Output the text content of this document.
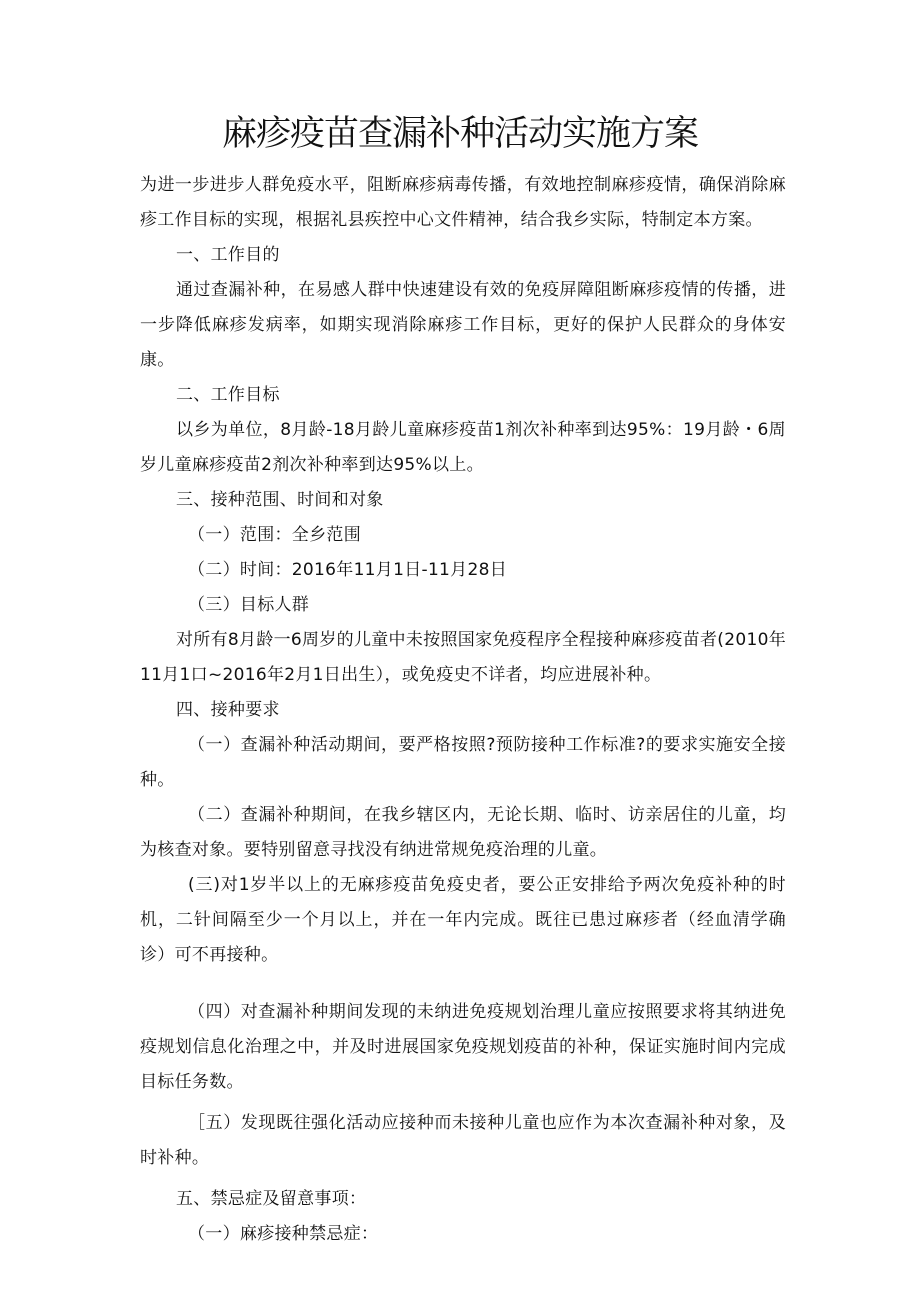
麻疹疫苗查漏补种活动实施方案

为进一步进步人群免疫水平，阻断麻疹病毒传播，有效地控制麻疹疫情，确保消除麻疹工作目标的实现，根据礼县疾控中心文件精神，结合我乡实际，特制定本方案。

一、工作目的

通过查漏补种，在易感人群中快速建设有效的免疫屏障阻断麻疹疫情的传播，进一步降低麻疹发病率，如期实现消除麻疹工作目标，更好的保护人民群众的身体安康。

二、工作目标

以乡为单位，8月龄-18月龄儿童麻疹疫苗1剂次补种率到达95%：19月龄・6周岁儿童麻疹疫苗2剂次补种率到达95%以上。

三、接种范围、时间和对象

（一）范围：全乡范围

（二）时间：2016年11月1日-11月28日

（三）目标人群

对所有8月龄一6周岁的儿童中未按照国家免疫程序全程接种麻疹疫苗者(2010年11月1口~2016年2月1日出生），或免疫史不详者，均应进展补种。

四、接种要求

（一）查漏补种活动期间，要严格按照?预防接种工作标准?的要求实施安全接种。

（二）查漏补种期间，在我乡辖区内，无论长期、临时、访亲居住的儿童，均为核查对象。要特别留意寻找没有纳进常规免疫治理的儿童。

(三)对1岁半以上的无麻疹疫苗免疫史者，要公正安排给予两次免疫补种的时机，二针间隔至少一个月以上，并在一年内完成。既往已患过麻疹者（经血清学确诊）可不再接种。

（四）对查漏补种期间发现的未纳进免疫规划治理儿童应按照要求将其纳进免疫规划信息化治理之中，并及时进展国家免疫规划疫苗的补种，保证实施时间内完成目标任务数。

［五）发现既往强化活动应接种而未接种儿童也应作为本次查漏补种对象，及时补种。

五、禁忌症及留意事项：

（一）麻疹接种禁忌症：
